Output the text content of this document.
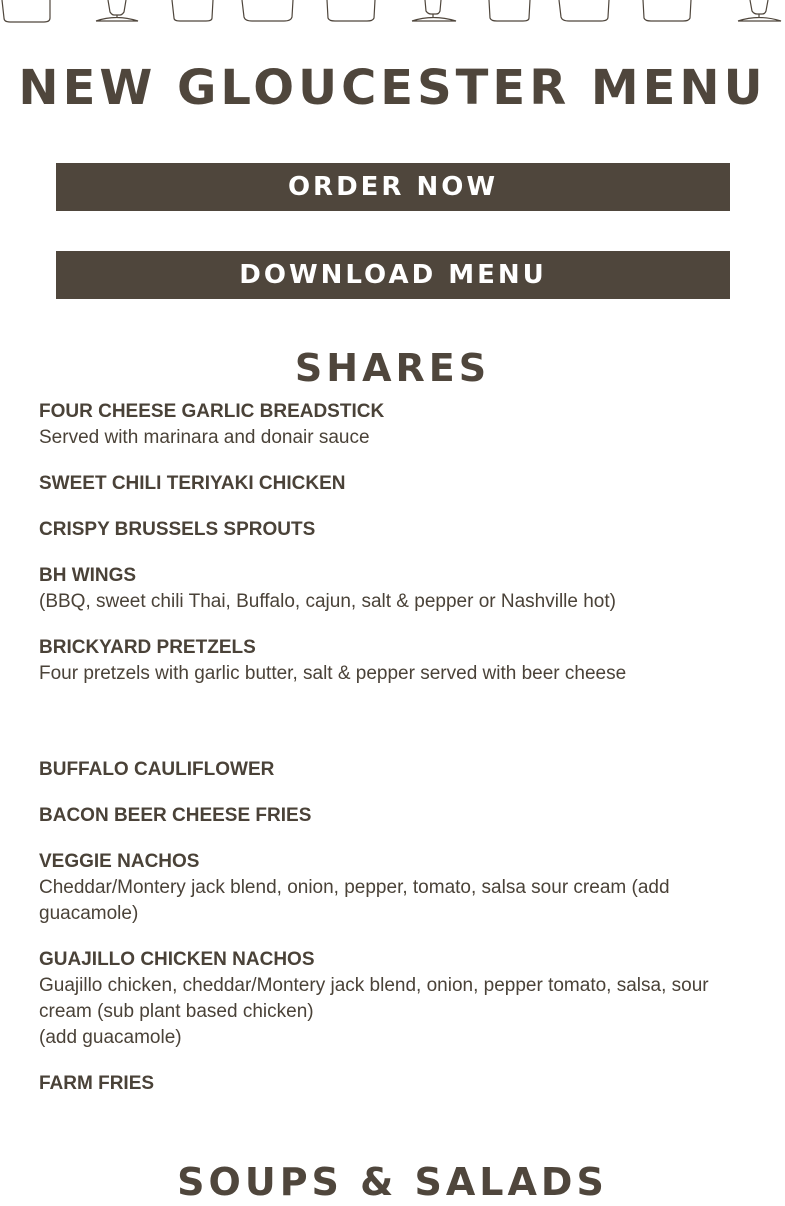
NEW GLOUCESTER MENU
ORDER NOW
DOWNLOAD MENU
SHARES
FOUR CHEESE GARLIC BREADSTICK
Served with marinara and donair sauce
SWEET CHILI TERIYAKI CHICKEN
CRISPY BRUSSELS SPROUTS
BH WINGS
(BBQ, sweet chili Thai, Buffalo, cajun, salt & pepper or Nashville hot)
BRICKYARD PRETZELS
Four pretzels with garlic butter, salt & pepper served with beer cheese
BUFFALO CAULIFLOWER
BACON BEER CHEESE FRIES
VEGGIE NACHOS
Cheddar/Montery jack blend, onion, pepper, tomato, salsa sour cream (add guacamole)
GUAJILLO CHICKEN NACHOS
Guajillo chicken, cheddar/Montery jack blend, onion, pepper tomato, salsa, sour cream (sub plant based chicken)
(add guacamole)
FARM FRIES
SOUPS & SALADS
